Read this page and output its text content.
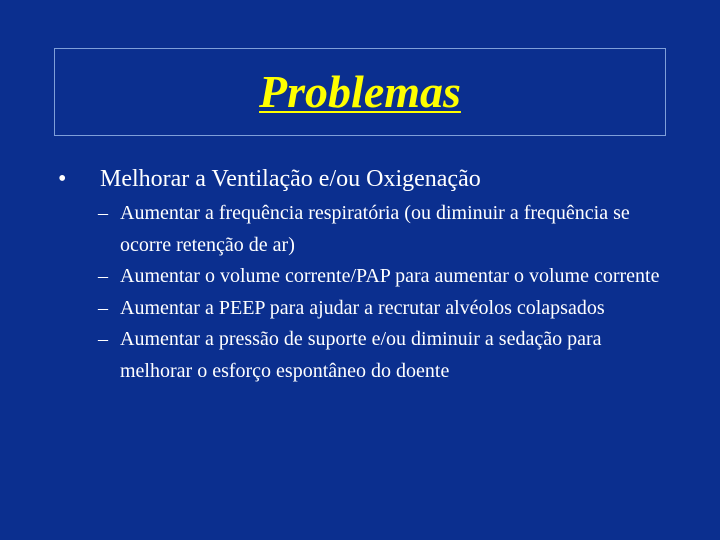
Problemas
•	Melhorar a Ventilação e/ou Oxigenação
– Aumentar a frequência respiratória (ou diminuir a frequência se ocorre retenção de ar)
– Aumentar o volume corrente/PAP para aumentar o volume corrente
– Aumentar a PEEP para ajudar a recrutar alvéolos colapsados
– Aumentar a pressão de suporte e/ou diminuir a sedação para melhorar o esforço espontâneo do doente
